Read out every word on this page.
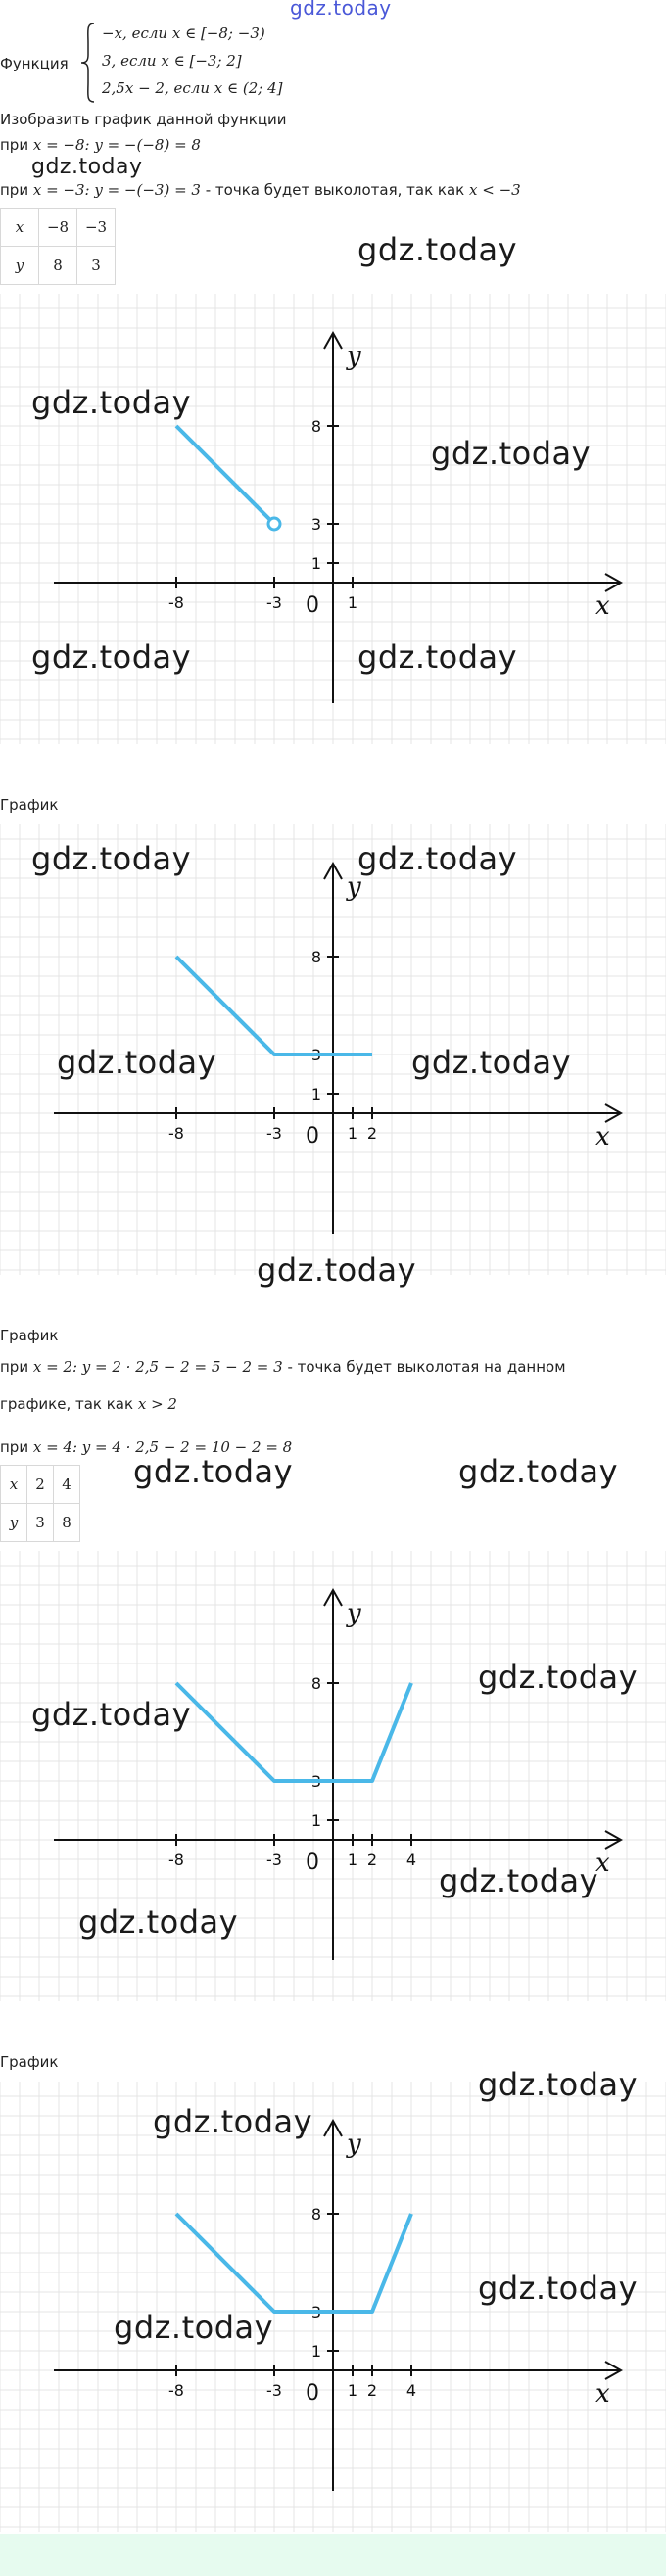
gdz.today
Функция
−x, если x ∈ [−8; −3)
3, если x ∈ [−3; 2]
2,5x − 2, если x ∈ (2; 4]
Изобразить график данной функции
при x = −8: y = −(−8) = 8
gdz.today
при x = −3: y = −(−3) = 3 - точка будет выколотая, так как x < −3
x	−8	−3
y	8	3	gdz.today
x
y
0
-8	-3	1
8
3
1
gdz.today
gdz.today
gdz.today	gdz.today
График
x
y
0
-8	-3	1 2
8
3
1
gdz.today	gdz.today
gdz.today	gdz.today
gdz.today
График
при x = 2: y = 2 · 2,5 − 2 = 5 − 2 = 3 - точка будет выколотая на данном
графике, так как x > 2
при x = 4: y = 4 · 2,5 − 2 = 10 − 2 = 8
x	2	4
y	3	8
gdz.today	gdz.today
x
y
0
-8	-3	1 2 4
8
3
1
gdz.today
gdz.today
gdz.today
gdz.today
График
x
y
0
-8	-3	1 2 4
8
3
1
gdz.today
gdz.today
gdz.today
gdz.today
